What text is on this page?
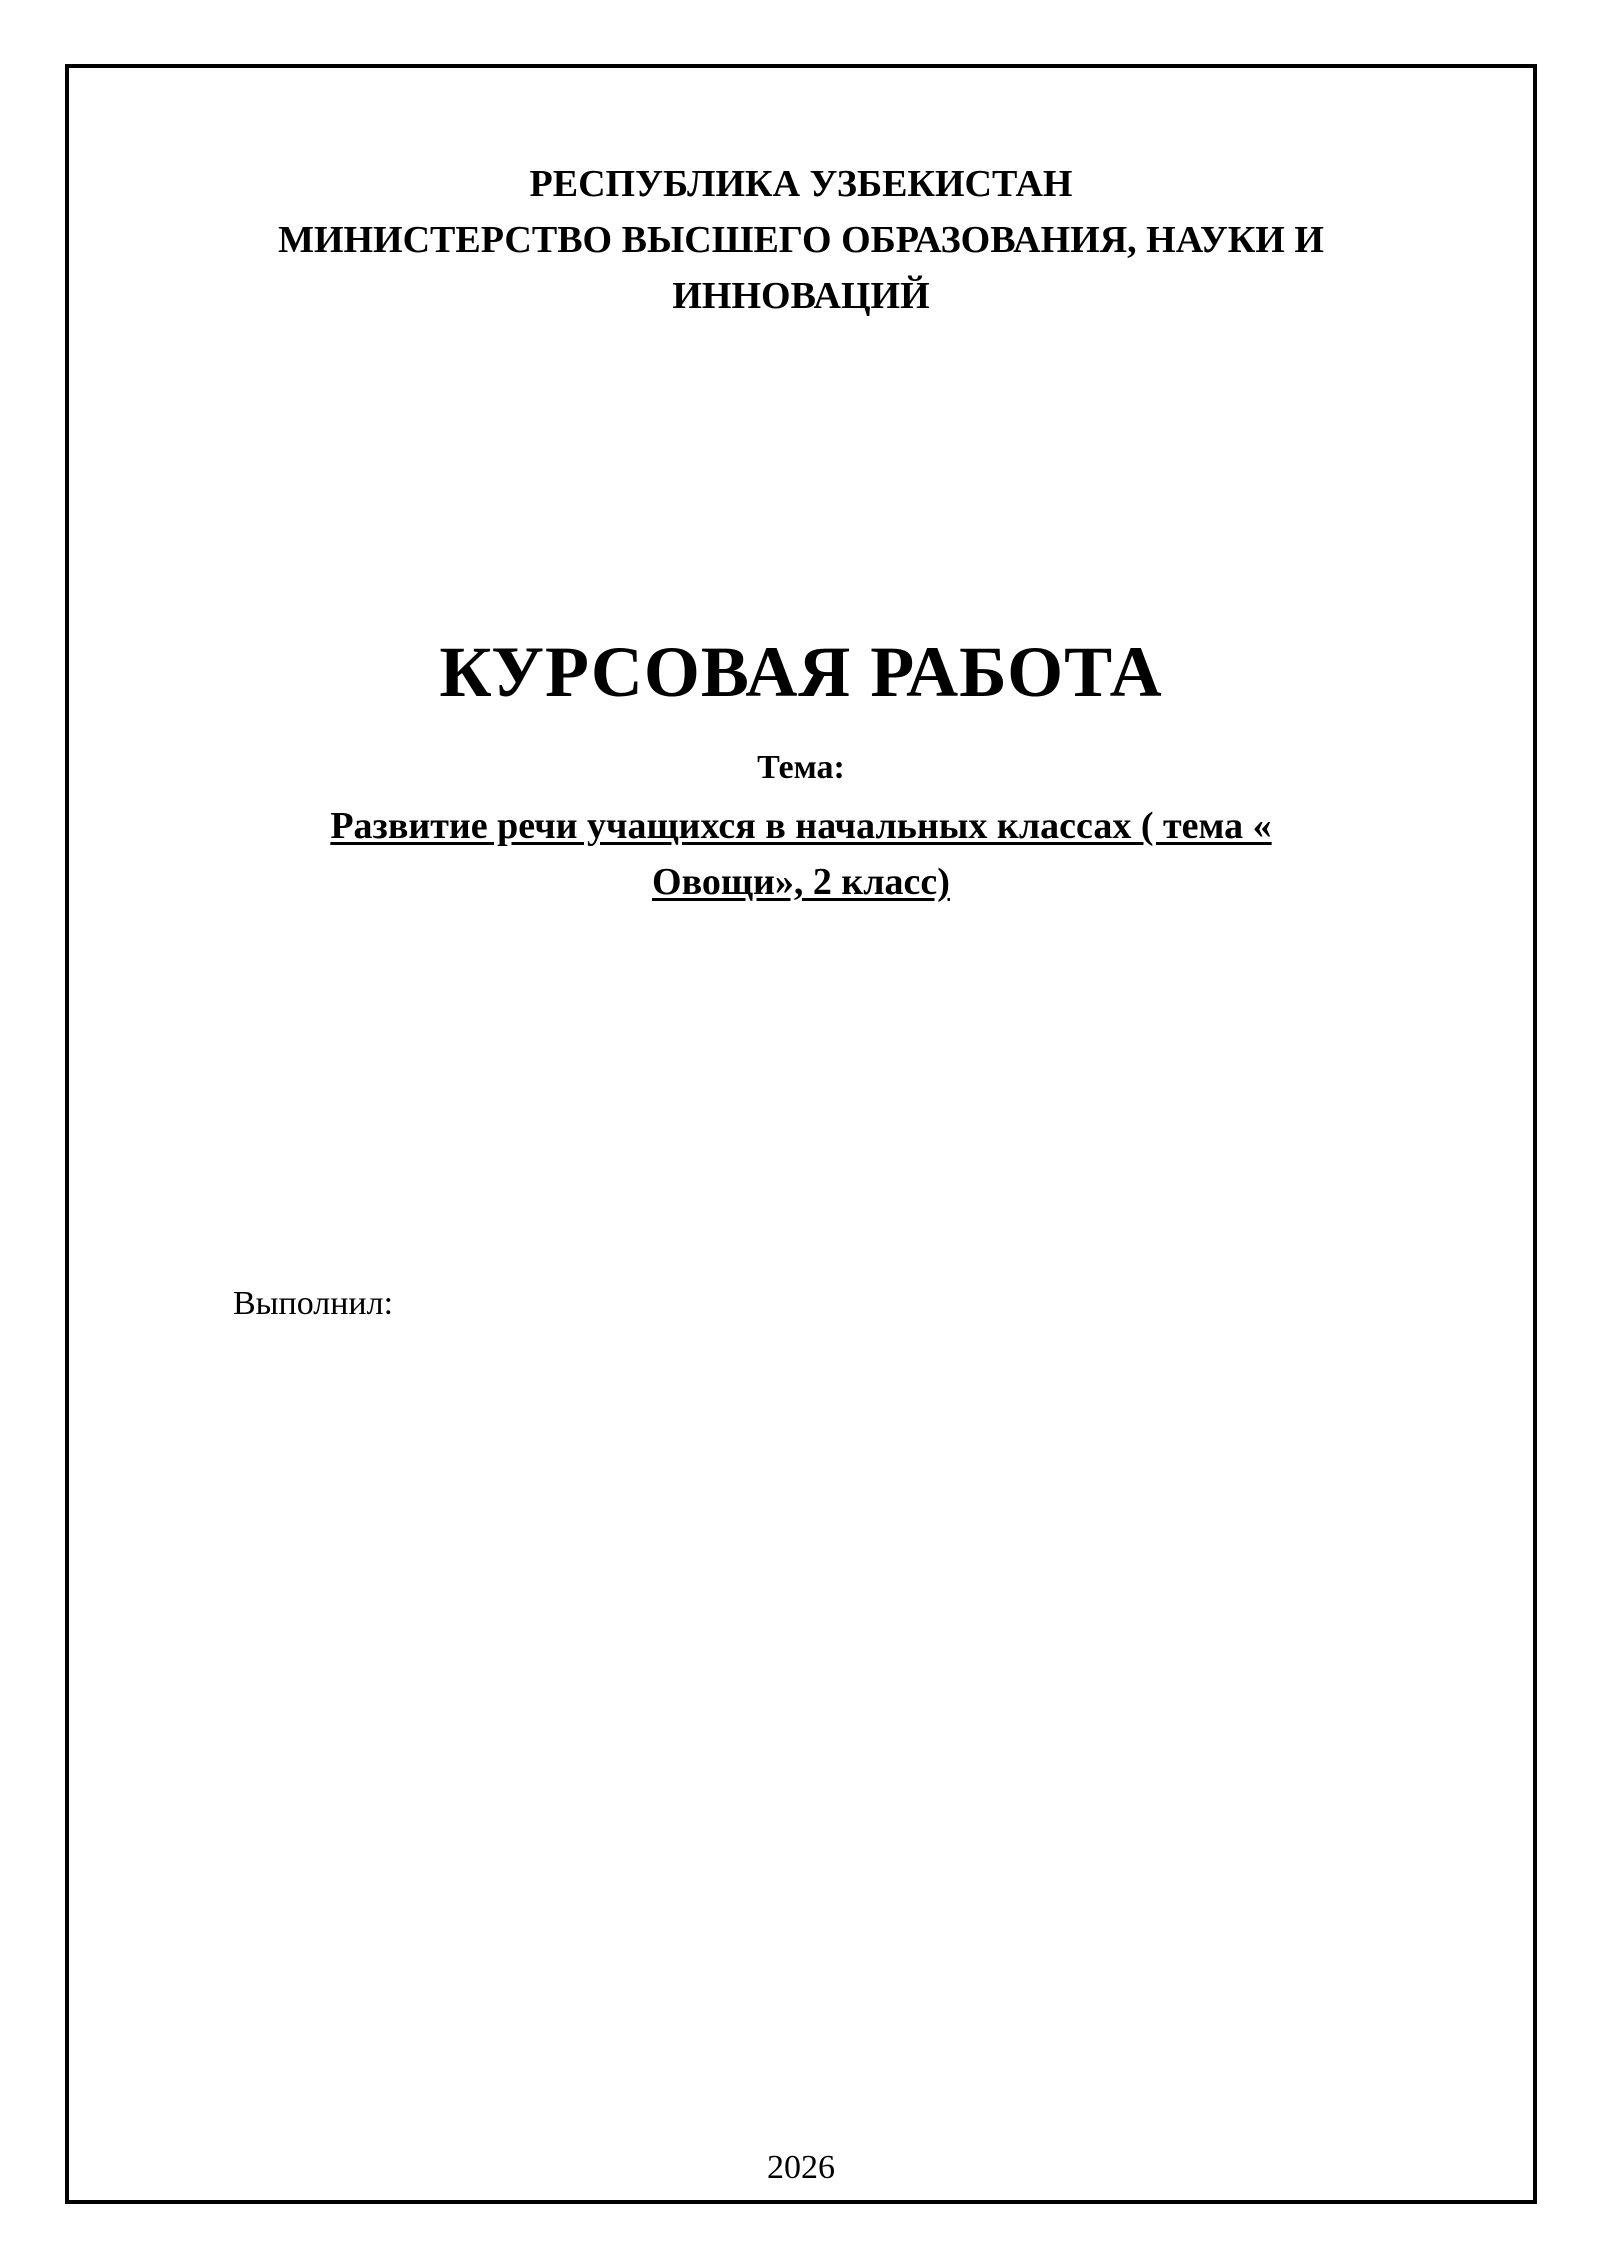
РЕСПУБЛИКА УЗБЕКИСТАН
МИНИСТЕРСТВО ВЫСШЕГО ОБРАЗОВАНИЯ, НАУКИ И ИННОВАЦИЙ
КУРСОВАЯ РАБОТА
Тема:
Развитие речи учащихся в начальных классах ( тема «
Овощи», 2 класс)
Выполнил:
2026
